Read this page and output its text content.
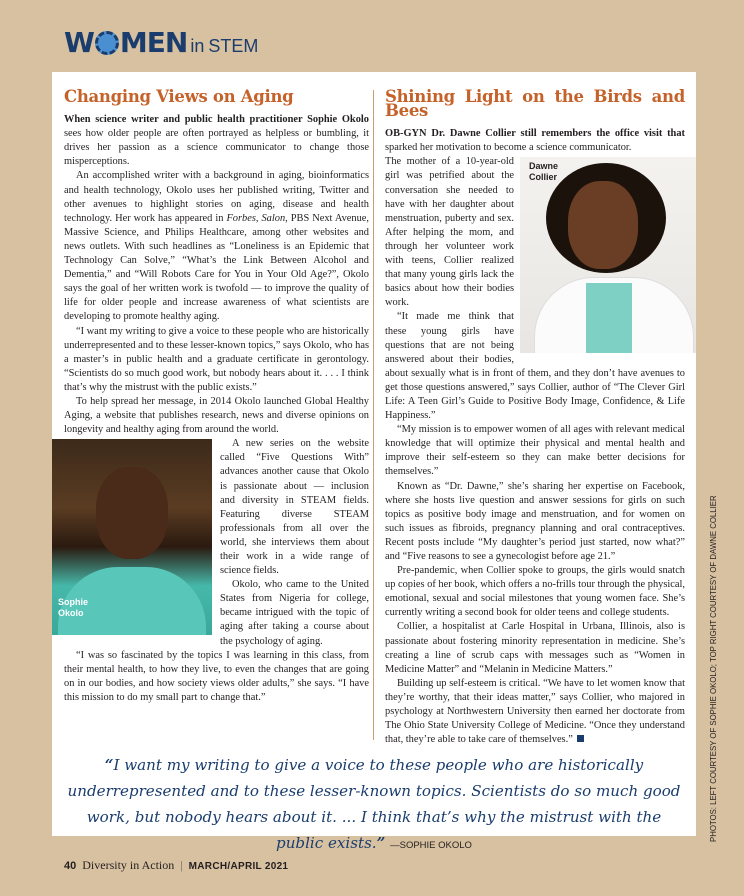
W MEN in STEM
Changing Views on Aging

When science writer and public health practitioner Sophie Okolo sees how older people are often portrayed as helpless or bumbling, it drives her passion as a science communicator to change those misperceptions.

An accomplished writer with a background in aging, bioinformatics and health technology, Okolo uses her published writing, Twitter and other avenues to highlight stories on aging, disease and health technology. Her work has appeared in Forbes, Salon, PBS Next Avenue, Massive Science, and Philips Healthcare, among other websites and news outlets. With such headlines as “Loneliness is an Epidemic that Technology Can Solve,” “What’s the Link Between Alcohol and Dementia,” and “Will Robots Care for You in Your Old Age?”, Okolo says the goal of her written work is twofold — to improve the quality of life for older people and increase awareness of what scientists are developing to promote healthy aging.

“I want my writing to give a voice to these people who are historically underrepresented and to these lesser-known topics,” says Okolo, who has a master’s in public health and a graduate certificate in gerontology. “Scientists do so much good work, but nobody hears about it. . . . I think that’s why the mistrust with the public exists.”

To help spread her message, in 2014 Okolo launched Global Healthy Aging, a website that publishes research, news and diverse opinions on longevity and healthy aging from around the world.

Sophie
Okolo

A new series on the website called “Five Questions With” advances another cause that Okolo is passionate about — inclusion and diversity in STEAM fields. Featuring diverse STEAM professionals from all over the world, she interviews them about their work in a wide range of science fields.

Okolo, who came to the United States from Nigeria for college, became intrigued with the topic of aging after taking a course about the psychology of aging.

“I was so fascinated by the topics I was learning in this class, from their mental health, to how they live, to even the changes that are going on in our bodies, and how society views older adults,” she says. “I have this mission to do my small part to change that.”

Shining Light on the Birds and Bees

OB-GYN Dr. Dawne Collier still remembers the office visit that sparked her motivation to become a science communicator.

Dawne
Collier

The mother of a 10-year-old girl was petrified about the conversation she needed to have with her daughter about menstruation, puberty and sex. After helping the mom, and through her volunteer work with teens, Collier realized that many young girls lack the basics about how their bodies work.

“It made me think that these young girls have questions that are not being answered about their bodies, about sexually what is in front of them, and they don’t have avenues to get those questions answered,” says Collier, author of “The Clever Girl Life: A Teen Girl’s Guide to Positive Body Image, Confidence, & Life Happiness.”

“My mission is to empower women of all ages with relevant medical knowledge that will optimize their physical and mental health and improve their self-esteem so they can make better decisions for themselves.”

Known as “Dr. Dawne,” she’s sharing her expertise on Facebook, where she hosts live question and answer sessions for girls on such topics as positive body image and menstruation, and for women on such issues as fibroids, pregnancy planning and oral contraceptives. Recent posts include “My daughter’s period just started, now what?” and “Five reasons to see a gynecologist before age 21.”

Pre-pandemic, when Collier spoke to groups, the girls would snatch up copies of her book, which offers a no-frills tour through the physical, emotional, sexual and social milestones that young women face. She’s currently writing a second book for older teens and college students.

Collier, a hospitalist at Carle Hospital in Urbana, Illinois, also is passionate about fostering minority representation in medicine. She’s creating a line of scrub caps with messages such as “Women in Medicine Matter” and “Melanin in Medicine Matters.”

Building up self-esteem is critical. “We have to let women know that they’re worthy, that their ideas matter,” says Collier, who majored in psychology at Northwestern University then earned her doctorate from The Ohio State University College of Medicine. “Once they understand that, they’re able to take care of themselves.”

“I want my writing to give a voice to these people who are historically underrepresented and to these lesser-known topics. Scientists do so much good work, but nobody hears about it. ... I think that’s why the mistrust with the public exists.” —SOPHIE OKOLO
PHOTOS: LEFT COURTESY OF SOPHIE OKOLO; TOP RIGHT COURTESY OF DAWNE COLLIER
40 Diversity in Action | MARCH/APRIL 2021
